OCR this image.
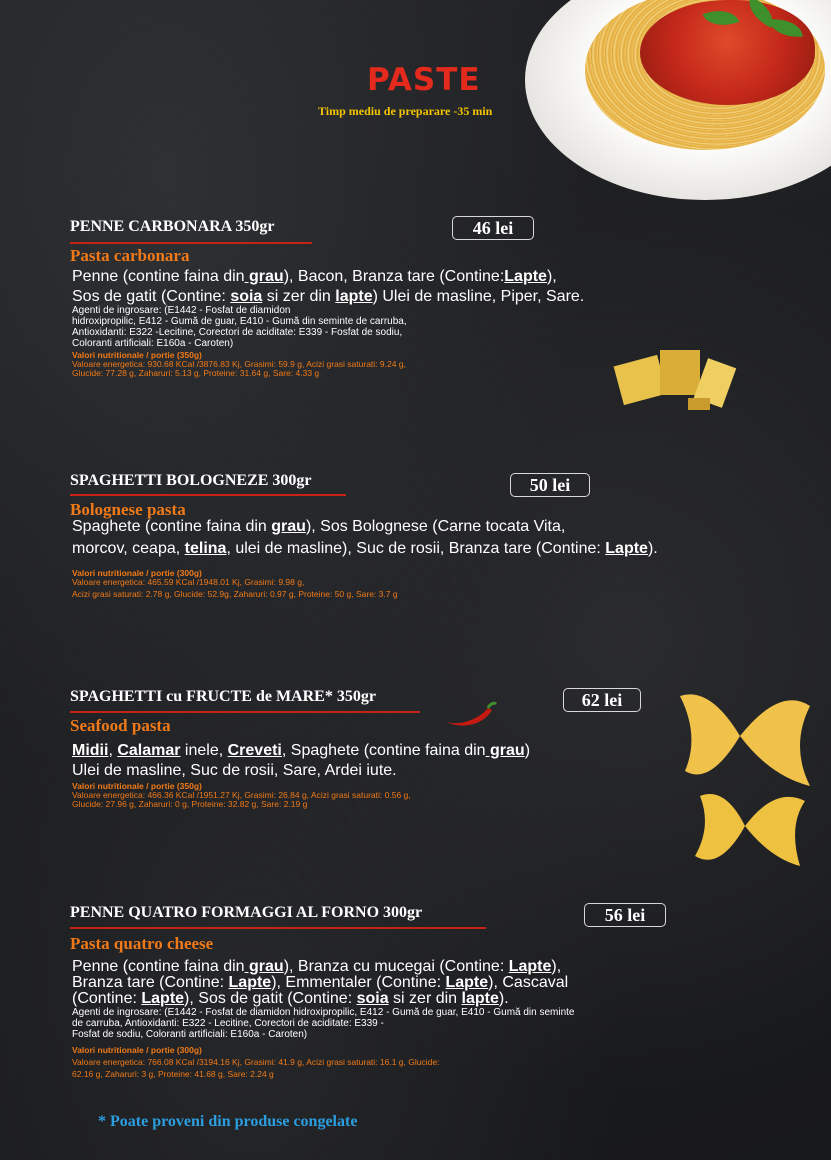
PASTE
Timp mediu de preparare -35 min
PENNE CARBONARA 350gr	46 lei
Pasta carbonara
Penne (contine faina din grau), Bacon, Branza tare (Contine:Lapte),
Sos de gatit (Contine: soia si zer din lapte) Ulei de masline, Piper, Sare.
Agenti de ingrosare: (E1442 - Fosfat de diamidon
hidroxipropilic, E412 - Gumă de guar, E410 - Gumă din seminte de carruba,
Antioxidanti: E322 -Lecitine, Corectori de aciditate: E339 - Fosfat de sodiu,
Coloranti artificiali: E160a - Caroten)
Valori nutritionale / portie (350g)
Valoare energetica: 930.68 KCal /3876.83 Kj, Grasimi: 59.9 g, Acizi grasi saturati: 9.24 g,
Glucide: 77.28 g, Zaharuri: 5.13 g, Proteine: 31.64 g, Sare: 4.33 g
SPAGHETTI BOLOGNEZE 300gr	50 lei
Bolognese pasta
Spaghete (contine faina din grau), Sos Bolognese (Carne tocata Vita,
morcov, ceapa, telina, ulei de masline), Suc de rosii, Branza tare (Contine: Lapte).
Valori nutritionale / portie (300g)
Valoare energetica: 465.59 KCal /1948.01 Kj, Grasimi: 9.98 g,
Acizi grasi saturati: 2.78 g, Glucide: 52.9g, Zaharuri: 0.97 g, Proteine: 50 g, Sare: 3.7 g
SPAGHETTI cu FRUCTE de MARE* 350gr	62 lei
Seafood pasta
Midii, Calamar inele, Creveti, Spaghete (contine faina din grau)
Ulei de masline, Suc de rosii, Sare, Ardei iute.
Valori nutritionale / portie (350g)
Valoare energetica: 466.36 KCal /1951.27 Kj, Grasimi: 26.84 g, Acizi grasi saturati: 0.56 g,
Glucide: 27.96 g, Zaharuri: 0 g, Proteine: 32.82 g, Sare: 2.19 g
PENNE QUATRO FORMAGGI AL FORNO 300gr	56 lei
Pasta quatro cheese
Penne (contine faina din grau), Branza cu mucegai (Contine: Lapte),
Branza tare (Contine: Lapte), Emmentaler (Contine: Lapte), Cascaval
(Contine: Lapte), Sos de gatit (Contine: soia si zer din lapte).
Agenti de ingrosare: (E1442 - Fosfat de diamidon hidroxipropilic, E412 - Gumă de guar, E410 - Gumă din seminte
de carruba, Antioxidanti: E322 - Lecitine, Corectori de aciditate: E339 -
Fosfat de sodiu, Coloranti artificiali: E160a - Caroten)
Valori nutritionale / portie (300g)
Valoare energetica: 766.08 KCal /3194.16 Kj, Grasimi: 41.9 g, Acizi grasi saturati: 16.1 g, Glucide:
62.16 g, Zaharuri: 3 g, Proteine: 41.68 g, Sare: 2.24 g
* Poate proveni din produse congelate
